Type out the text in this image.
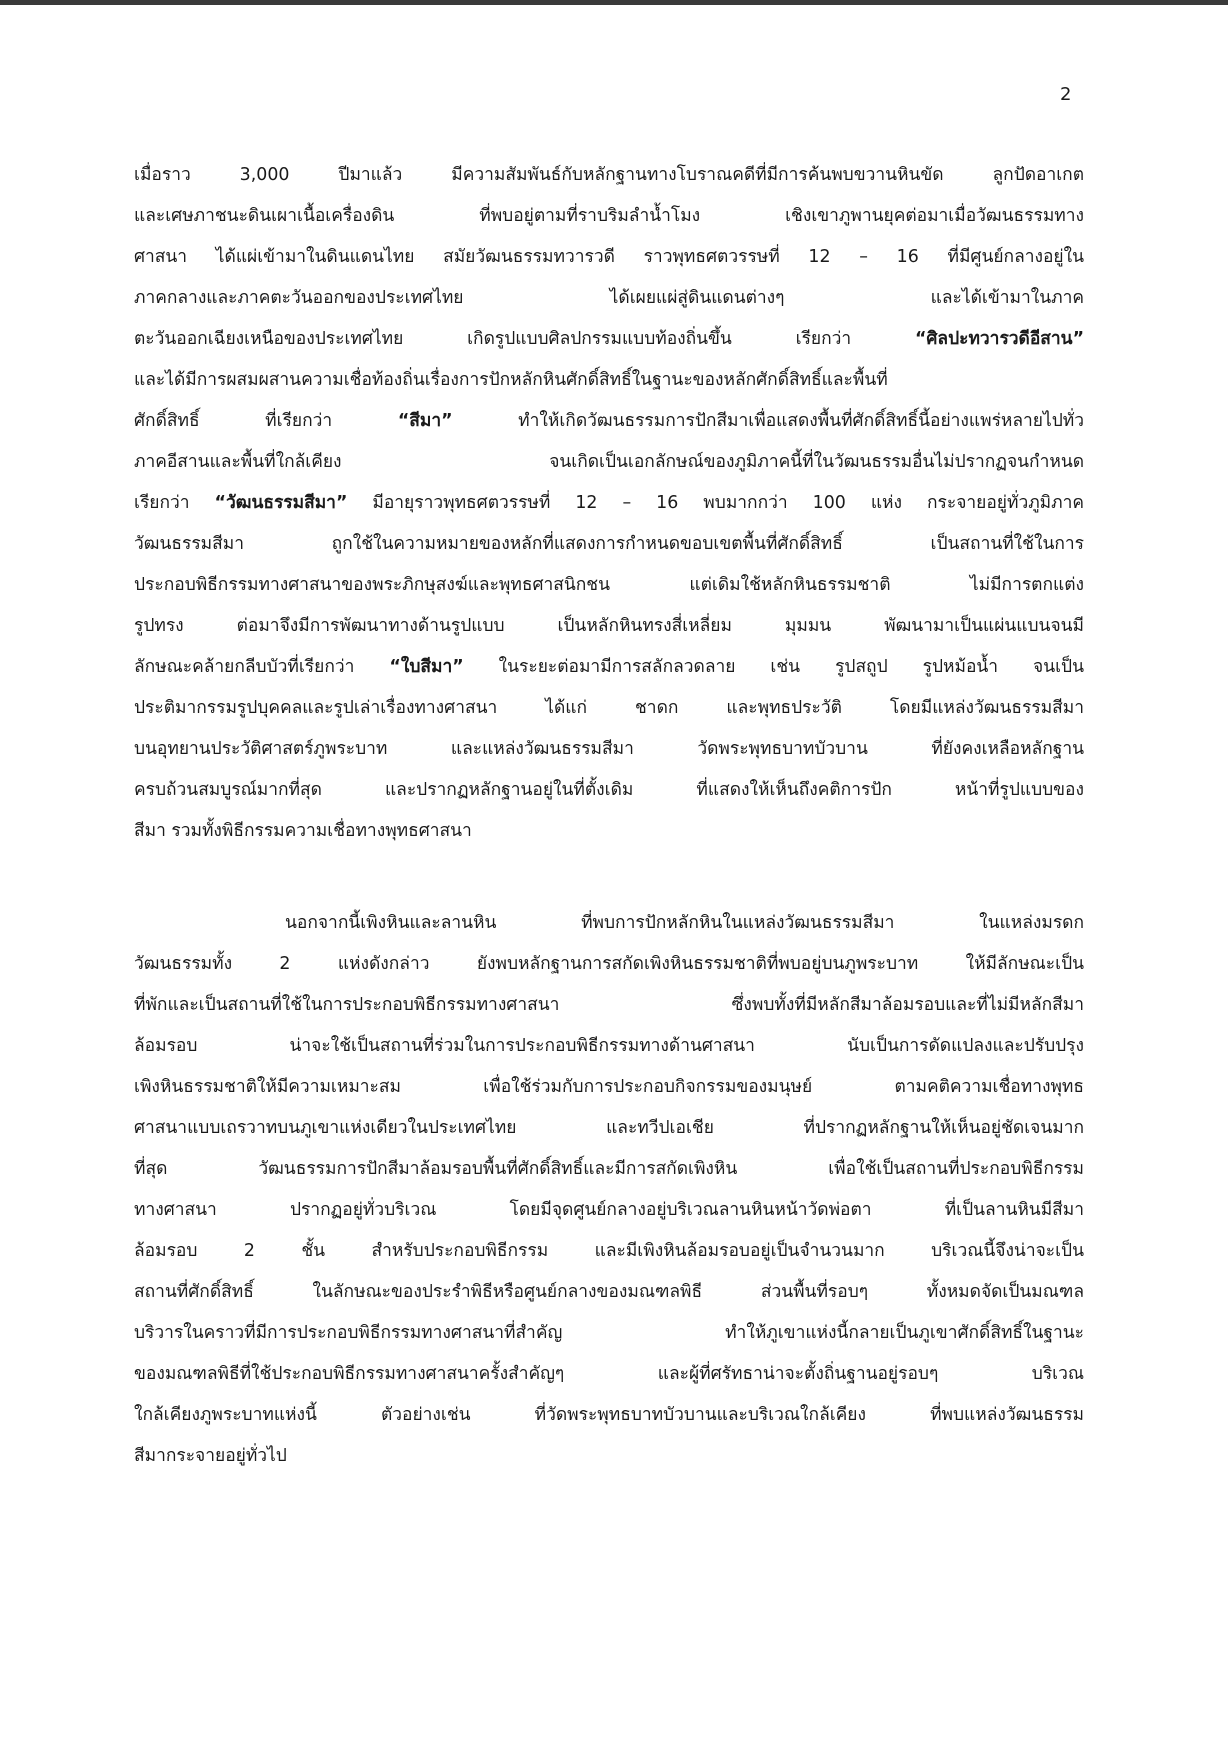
2
เมื่อราว 3,000 ปีมาแล้ว มีความสัมพันธ์กับหลักฐานทางโบราณคดีที่มีการค้นพบขวานหินขัด ลูกปัดอาเกต
และเศษภาชนะดินเผาเนื้อเครื่องดิน ที่พบอยู่ตามที่ราบริมลำน้ำโมง เชิงเขาภูพานยุคต่อมาเมื่อวัฒนธรรมทาง
ศาสนา ได้แผ่เข้ามาในดินแดนไทย สมัยวัฒนธรรมทวารวดี ราวพุทธศตวรรษที่ 12 – 16 ที่มีศูนย์กลางอยู่ใน
ภาคกลางและภาคตะวันออกของประเทศไทย ได้เผยแผ่สู่ดินแดนต่างๆ และได้เข้ามาในภาค
ตะวันออกเฉียงเหนือของประเทศไทย เกิดรูปแบบศิลปกรรมแบบท้องถิ่นขึ้น เรียกว่า “ศิลปะทวารวดีอีสาน”
และได้มีการผสมผสานความเชื่อท้องถิ่นเรื่องการปักหลักหินศักดิ์สิทธิ์ในฐานะของหลักศักดิ์สิทธิ์และพื้นที่
ศักดิ์สิทธิ์ ที่เรียกว่า “สีมา” ทำให้เกิดวัฒนธรรมการปักสีมาเพื่อแสดงพื้นที่ศักดิ์สิทธิ์นี้อย่างแพร่หลายไปทั่ว
ภาคอีสานและพื้นที่ใกล้เคียง จนเกิดเป็นเอกลักษณ์ของภูมิภาคนี้ที่ในวัฒนธรรมอื่นไม่ปรากฏจนกำหนด
เรียกว่า “วัฒนธรรมสีมา” มีอายุราวพุทธศตวรรษที่ 12 – 16 พบมากกว่า 100 แห่ง กระจายอยู่ทั่วภูมิภาค
วัฒนธรรมสีมา ถูกใช้ในความหมายของหลักที่แสดงการกำหนดขอบเขตพื้นที่ศักดิ์สิทธิ์ เป็นสถานที่ใช้ในการ
ประกอบพิธีกรรมทางศาสนาของพระภิกษุสงฆ์และพุทธศาสนิกชน แต่เดิมใช้หลักหินธรรมชาติ ไม่มีการตกแต่ง
รูปทรง ต่อมาจึงมีการพัฒนาทางด้านรูปแบบ เป็นหลักหินทรงสี่เหลี่ยม มุมมน พัฒนามาเป็นแผ่นแบนจนมี
ลักษณะคล้ายกลีบบัวที่เรียกว่า “ใบสีมา” ในระยะต่อมามีการสลักลวดลาย เช่น รูปสถูป รูปหม้อน้ำ จนเป็น
ประติมากรรมรูปบุคคลและรูปเล่าเรื่องทางศาสนา ได้แก่ ชาดก และพุทธประวัติ โดยมีแหล่งวัฒนธรรมสีมา
บนอุทยานประวัติศาสตร์ภูพระบาท และแหล่งวัฒนธรรมสีมา วัดพระพุทธบาทบัวบาน ที่ยังคงเหลือหลักฐาน
ครบถ้วนสมบูรณ์มากที่สุด และปรากฏหลักฐานอยู่ในที่ตั้งเดิม ที่แสดงให้เห็นถึงคติการปัก หน้าที่รูปแบบของ
สีมา รวมทั้งพิธีกรรมความเชื่อทางพุทธศาสนา
นอกจากนี้เพิงหินและลานหิน ที่พบการปักหลักหินในแหล่งวัฒนธรรมสีมา ในแหล่งมรดก
วัฒนธรรมทั้ง 2 แห่งดังกล่าว ยังพบหลักฐานการสกัดเพิงหินธรรมชาติที่พบอยู่บนภูพระบาท ให้มีลักษณะเป็น
ที่พักและเป็นสถานที่ใช้ในการประกอบพิธีกรรมทางศาสนา ซึ่งพบทั้งที่มีหลักสีมาล้อมรอบและที่ไม่มีหลักสีมา
ล้อมรอบ น่าจะใช้เป็นสถานที่ร่วมในการประกอบพิธีกรรมทางด้านศาสนา นับเป็นการดัดแปลงและปรับปรุง
เพิงหินธรรมชาติให้มีความเหมาะสม เพื่อใช้ร่วมกับการประกอบกิจกรรมของมนุษย์ ตามคติความเชื่อทางพุทธ
ศาสนาแบบเถรวาทบนภูเขาแห่งเดียวในประเทศไทย และทวีปเอเชีย ที่ปรากฏหลักฐานให้เห็นอยู่ชัดเจนมาก
ที่สุด วัฒนธรรมการปักสีมาล้อมรอบพื้นที่ศักดิ์สิทธิ์และมีการสกัดเพิงหิน เพื่อใช้เป็นสถานที่ประกอบพิธีกรรม
ทางศาสนา ปรากฏอยู่ทั่วบริเวณ โดยมีจุดศูนย์กลางอยู่บริเวณลานหินหน้าวัดพ่อตา ที่เป็นลานหินมีสีมา
ล้อมรอบ 2 ชั้น สำหรับประกอบพิธีกรรม และมีเพิงหินล้อมรอบอยู่เป็นจำนวนมาก บริเวณนี้จึงน่าจะเป็น
สถานที่ศักดิ์สิทธิ์ ในลักษณะของประรำพิธีหรือศูนย์กลางของมณฑลพิธี ส่วนพื้นที่รอบๆ ทั้งหมดจัดเป็นมณฑล
บริวารในคราวที่มีการประกอบพิธีกรรมทางศาสนาที่สำคัญ ทำให้ภูเขาแห่งนี้กลายเป็นภูเขาศักดิ์สิทธิ์ในฐานะ
ของมณฑลพิธีที่ใช้ประกอบพิธีกรรมทางศาสนาครั้งสำคัญๆ และผู้ที่ศรัทธาน่าจะตั้งถิ่นฐานอยู่รอบๆ บริเวณ
ใกล้เคียงภูพระบาทแห่งนี้ ตัวอย่างเช่น ที่วัดพระพุทธบาทบัวบานและบริเวณใกล้เคียง ที่พบแหล่งวัฒนธรรม
สีมากระจายอยู่ทั่วไป
